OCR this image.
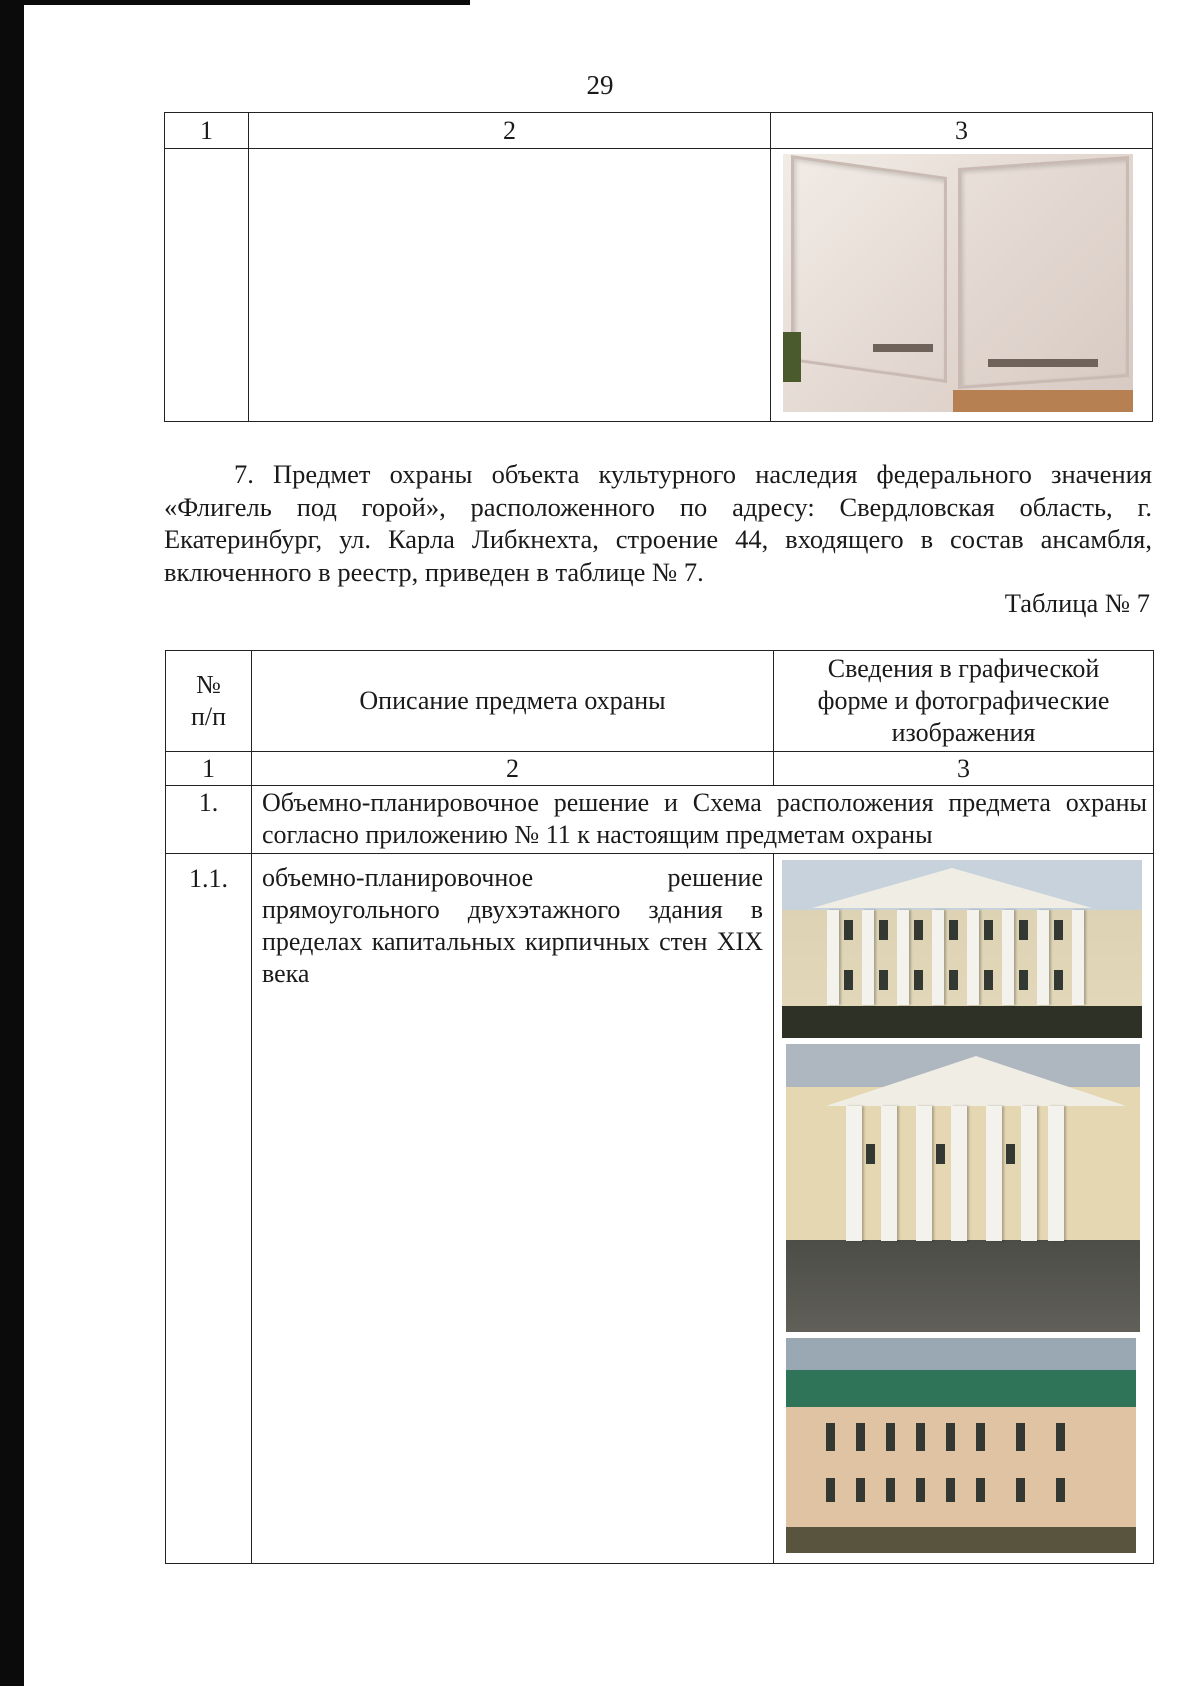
29
1	2	3

7. Предмет охраны объекта культурного наследия федерального значения «Флигель под горой», расположенного по адресу: Свердловская область, г. Екатеринбург, ул. Карла Либкнехта, строение 44, входящего в состав ансамбля, включенного в реестр, приведен в таблице № 7.

Таблица № 7
№
п/п	Описание предмета охраны	Сведения в графической форме и фотографические изображения
1	2	3
1.	Объемно-планировочное решение и Схема расположения предмета охраны согласно приложению № 11 к настоящим предметам охраны	
1.1.	объемно-планировочное решение прямоугольного двухэтажного здания в пределах капитальных кирпичных стен XIX века	
